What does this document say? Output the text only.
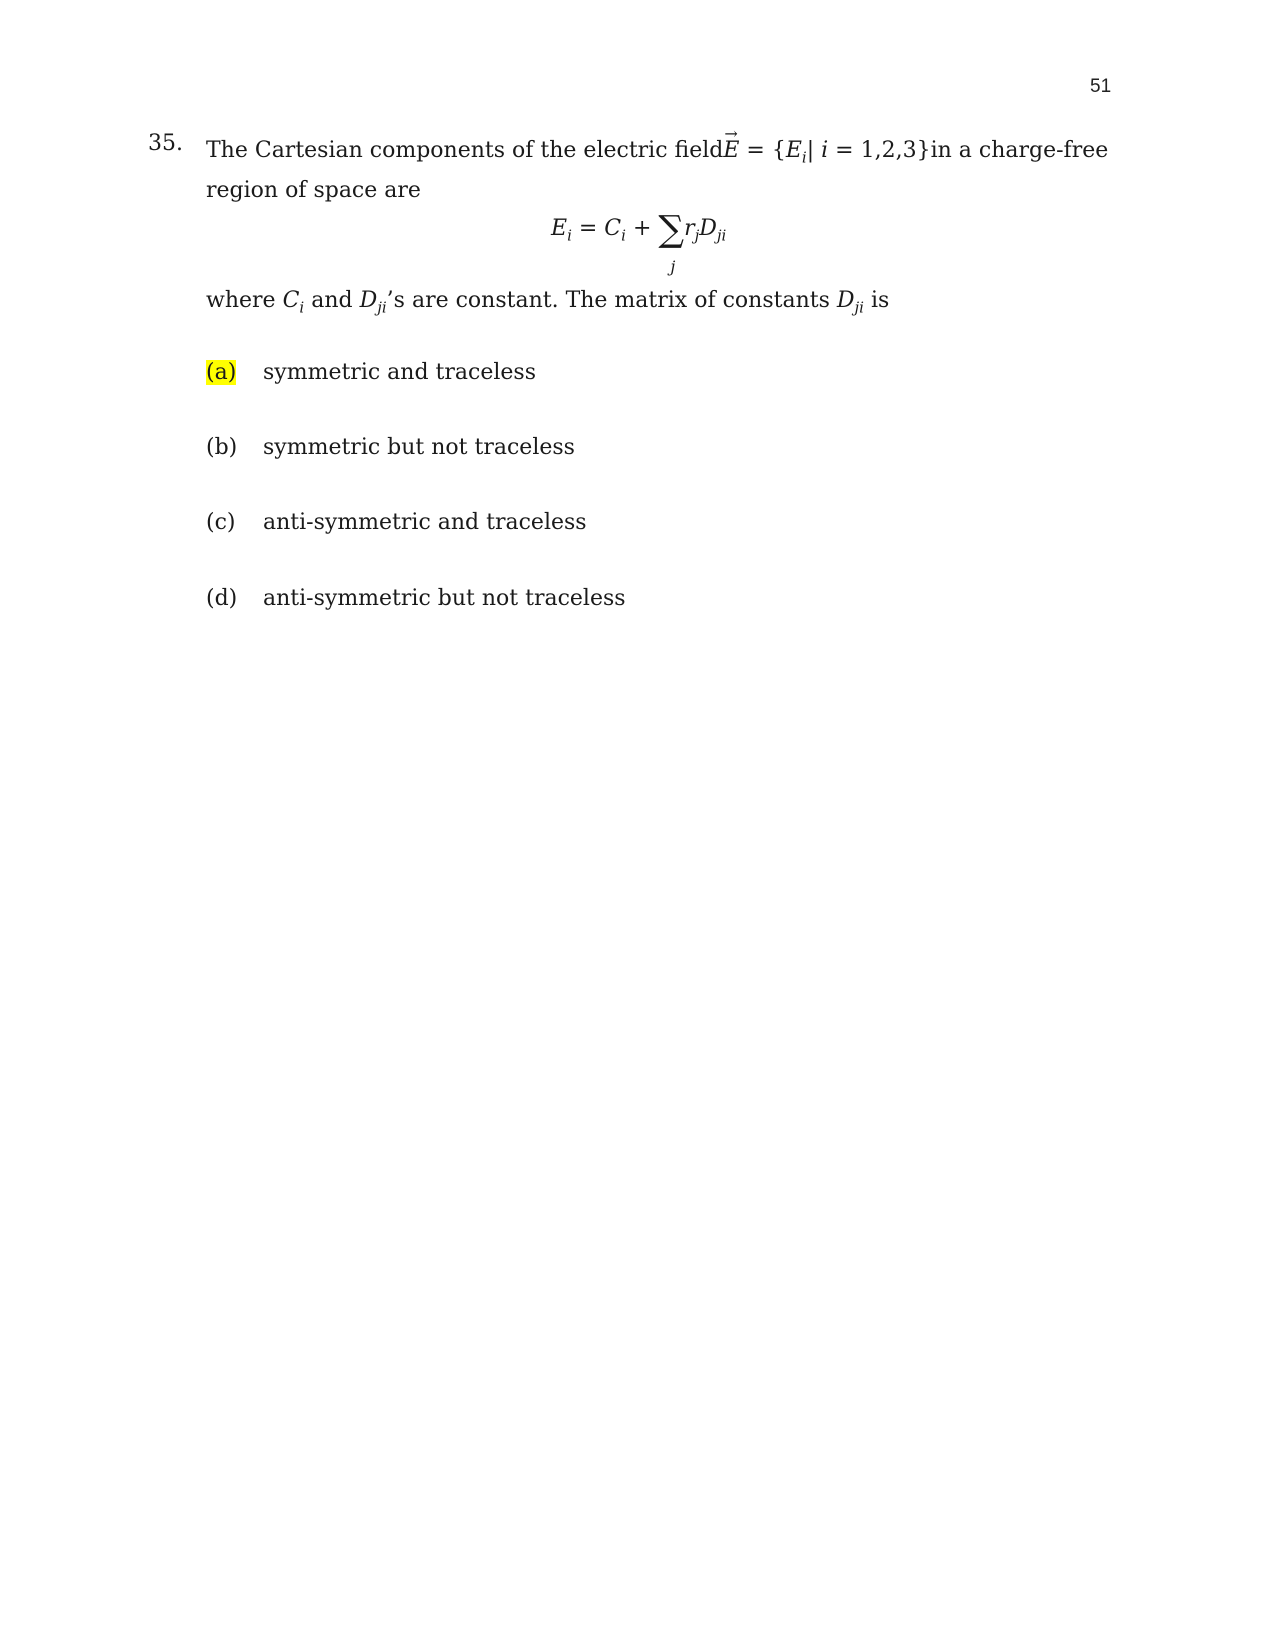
51
35. The Cartesian components of the electric field E
→
= {$E_i|$ i = 1,2,3} in a charge-free
region of space are
$E_i = C_i$ + ∑
j
$r_jD_{ji}$
where $C_i$ and $D_{ji}’s$ are constant. The matrix of constants $D_{ji}$ is
(a) symmetric and traceless
(b) symmetric but not traceless
(c) anti-symmetric and traceless
(d) anti-symmetric but not traceless
